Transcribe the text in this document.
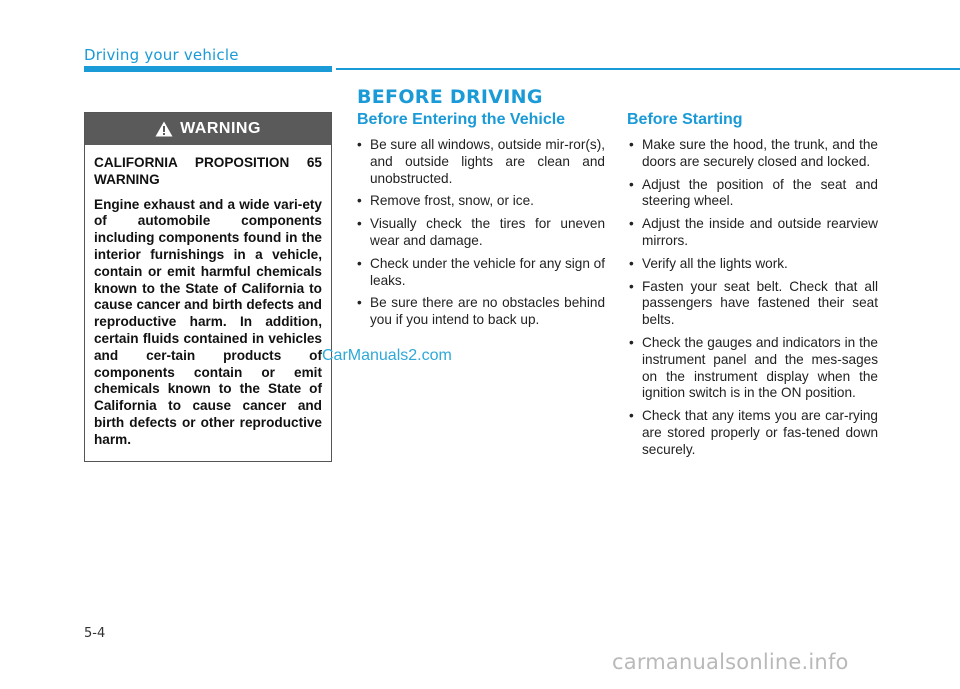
Driving your vehicle
BEFORE DRIVING
WARNING

CALIFORNIA PROPOSITION 65 WARNING

Engine exhaust and a wide vari-ety of automobile components including components found in the interior furnishings in a vehicle, contain or emit harmful chemicals known to the State of California to cause cancer and birth defects and reproductive harm. In addition, certain fluids contained in vehicles and cer-tain products of components contain or emit chemicals known to the State of California to cause cancer and birth defects or other reproductive harm.

Before Entering the Vehicle
• Be sure all windows, outside mir-ror(s), and outside lights are clean and unobstructed.
• Remove frost, snow, or ice.
• Visually check the tires for uneven wear and damage.
• Check under the vehicle for any sign of leaks.
• Be sure there are no obstacles behind you if you intend to back up.
Before Starting
• Make sure the hood, the trunk, and the doors are securely closed and locked.
• Adjust the position of the seat and steering wheel.
• Adjust the inside and outside rearview mirrors.
• Verify all the lights work.
• Fasten your seat belt. Check that all passengers have fastened their seat belts.
• Check the gauges and indicators in the instrument panel and the mes-sages on the instrument display when the ignition switch is in the ON position.
• Check that any items you are car-rying are stored properly or fas-tened down securely.
CarManuals2.com
5-4
carmanualsonline.info
